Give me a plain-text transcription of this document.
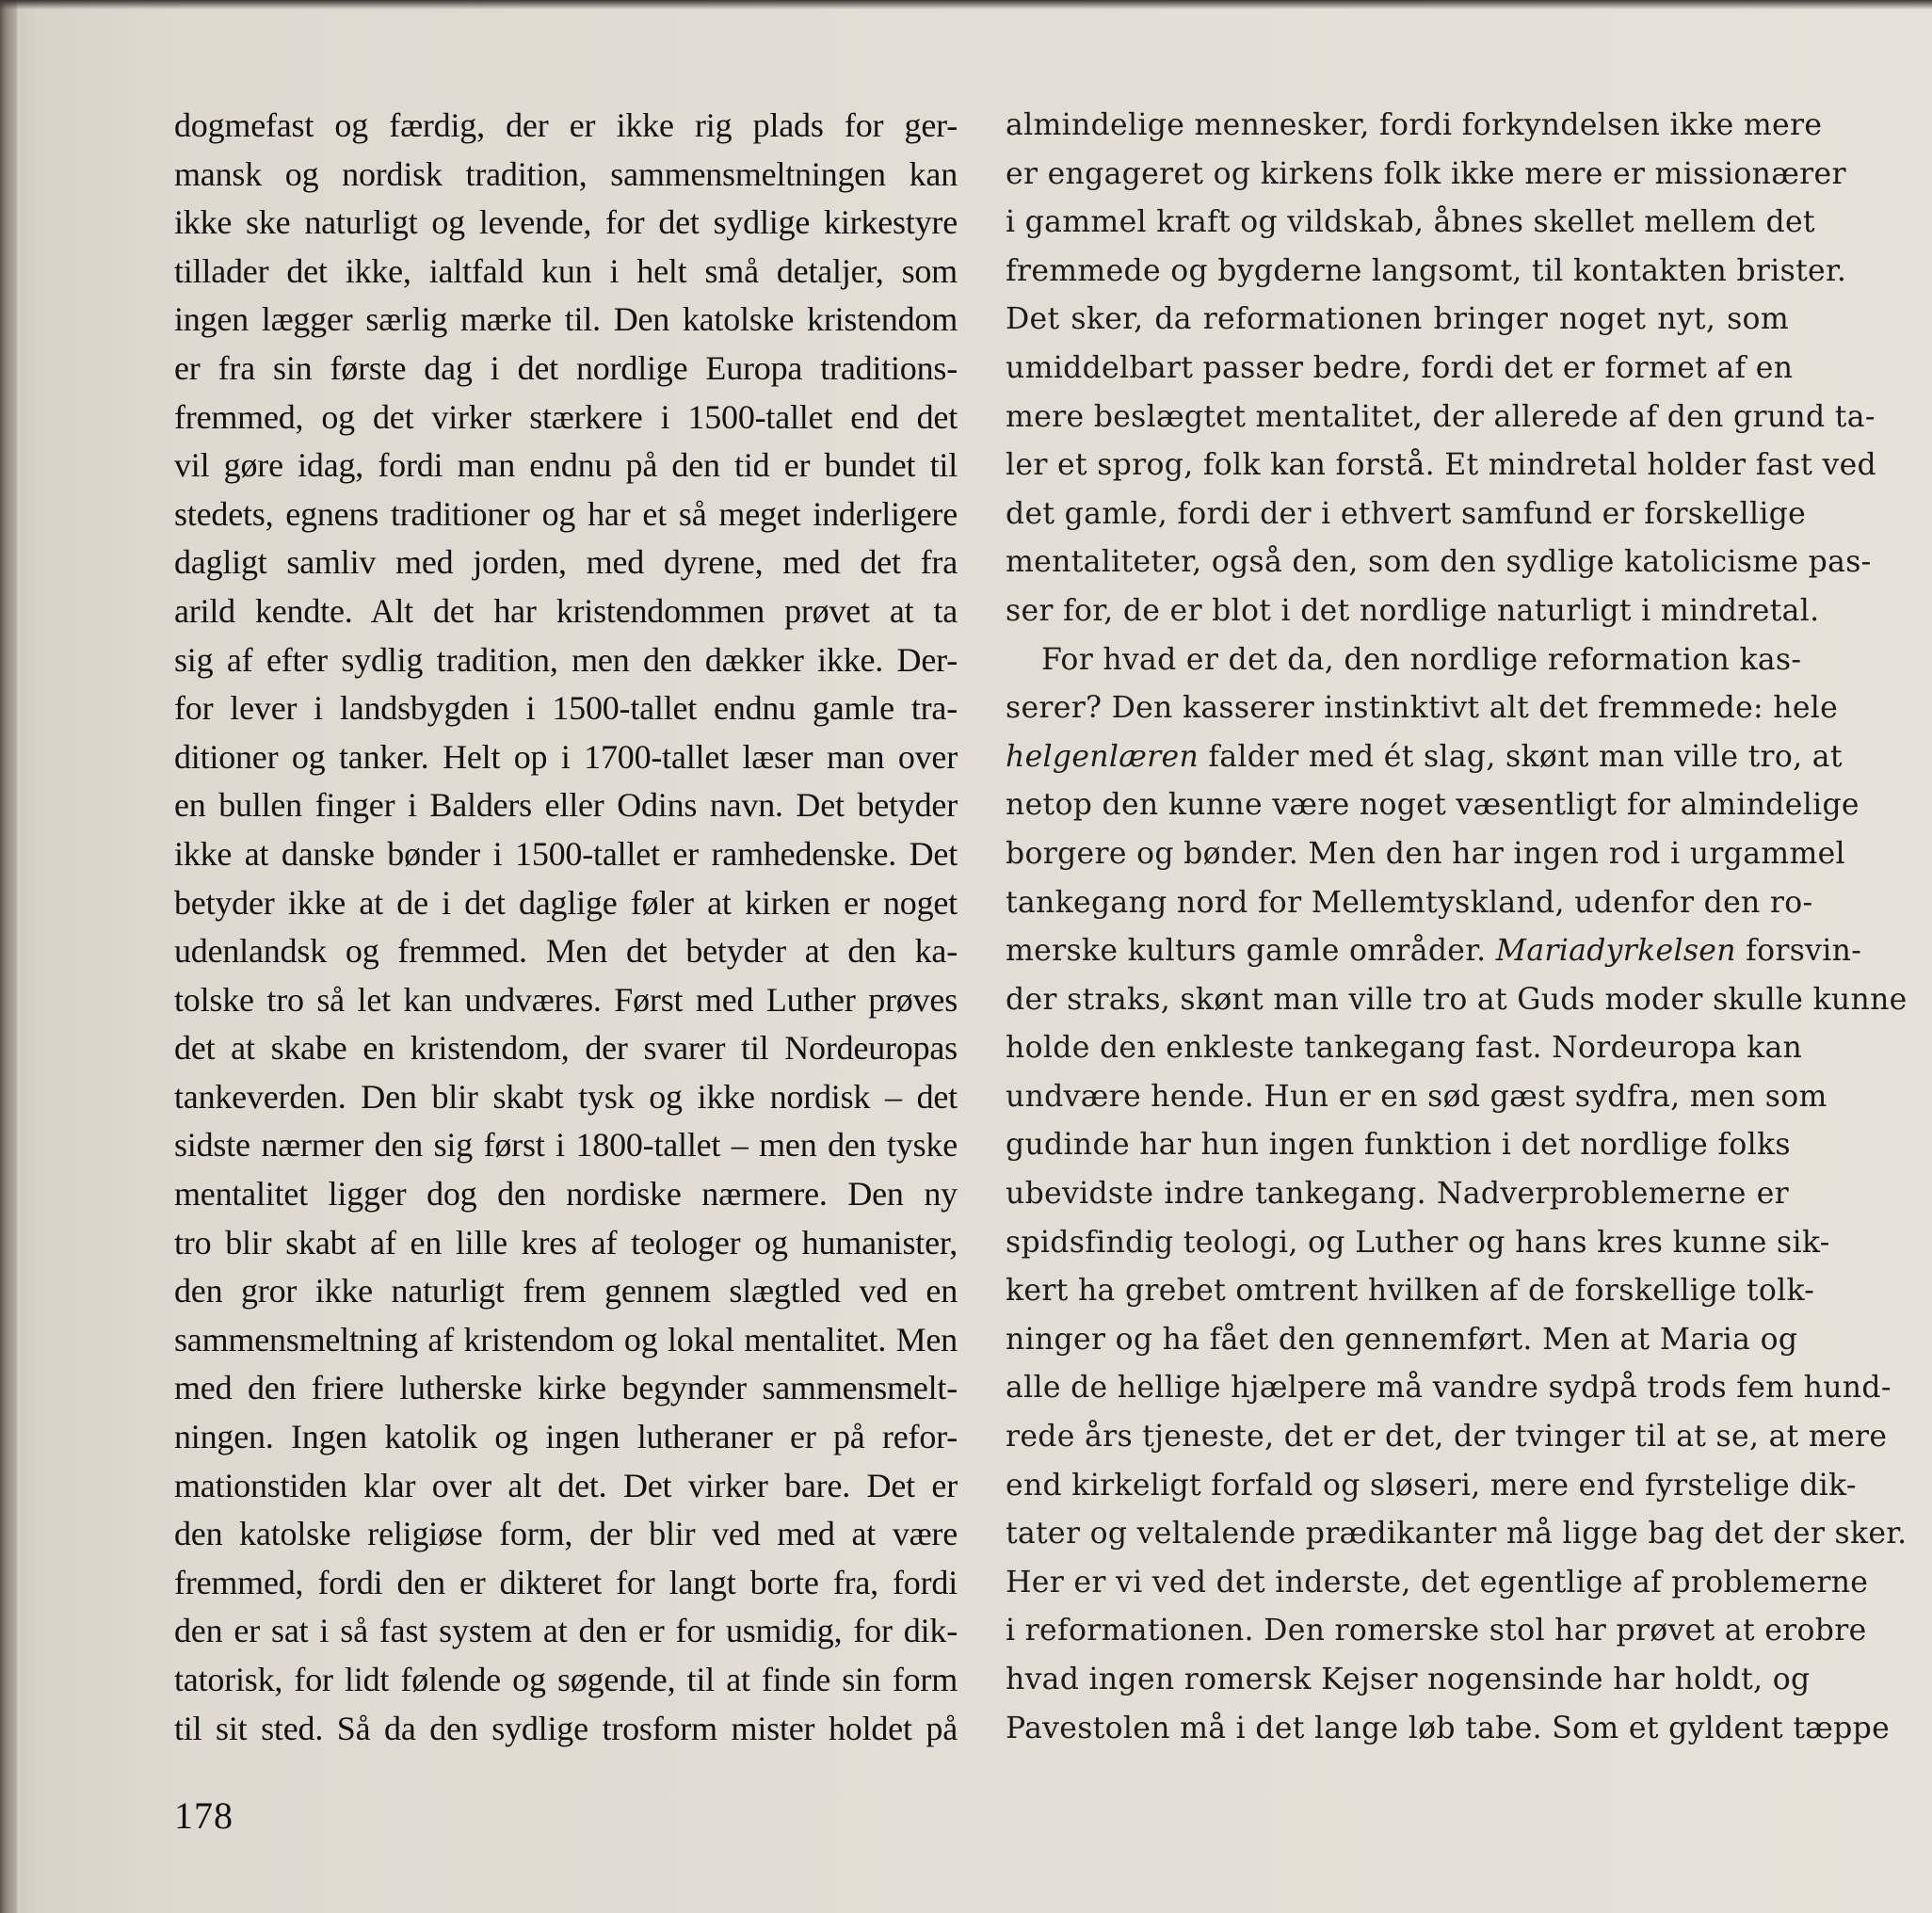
dogmefast og færdig, der er ikke rig plads for ger-
mansk og nordisk tradition, sammensmeltningen kan
ikke ske naturligt og levende, for det sydlige kirkestyre
tillader det ikke, ialtfald kun i helt små detaljer, som
ingen lægger særlig mærke til. Den katolske kristendom
er fra sin første dag i det nordlige Europa traditions-
fremmed, og det virker stærkere i 1500-tallet end det
vil gøre idag, fordi man endnu på den tid er bundet til
stedets, egnens traditioner og har et så meget inderligere
dagligt samliv med jorden, med dyrene, med det fra
arild kendte. Alt det har kristendommen prøvet at ta
sig af efter sydlig tradition, men den dækker ikke. Der-
for lever i landsbygden i 1500-tallet endnu gamle tra-
ditioner og tanker. Helt op i 1700-tallet læser man over
en bullen finger i Balders eller Odins navn. Det betyder
ikke at danske bønder i 1500-tallet er ramhedenske. Det
betyder ikke at de i det daglige føler at kirken er noget
udenlandsk og fremmed. Men det betyder at den ka-
tolske tro så let kan undværes. Først med Luther prøves
det at skabe en kristendom, der svarer til Nordeuropas
tankeverden. Den blir skabt tysk og ikke nordisk – det
sidste nærmer den sig først i 1800-tallet – men den tyske
mentalitet ligger dog den nordiske nærmere. Den ny
tro blir skabt af en lille kres af teologer og humanister,
den gror ikke naturligt frem gennem slægtled ved en
sammensmeltning af kristendom og lokal mentalitet. Men
med den friere lutherske kirke begynder sammensmelt-
ningen. Ingen katolik og ingen lutheraner er på refor-
mationstiden klar over alt det. Det virker bare. Det er
den katolske religiøse form, der blir ved med at være
fremmed, fordi den er dikteret for langt borte fra, fordi
den er sat i så fast system at den er for usmidig, for dik-
tatorisk, for lidt følende og søgende, til at finde sin form
til sit sted. Så da den sydlige trosform mister holdet på
almindelige mennesker, fordi forkyndelsen ikke mere
er engageret og kirkens folk ikke mere er missionærer
i gammel kraft og vildskab, åbnes skellet mellem det
fremmede og bygderne langsomt, til kontakten brister.
Det sker, da reformationen bringer noget nyt, som
umiddelbart passer bedre, fordi det er formet af en
mere beslægtet mentalitet, der allerede af den grund ta-
ler et sprog, folk kan forstå. Et mindretal holder fast ved
det gamle, fordi der i ethvert samfund er forskellige
mentaliteter, også den, som den sydlige katolicisme pas-
ser for, de er blot i det nordlige naturligt i mindretal.
For hvad er det da, den nordlige reformation kas-
serer? Den kasserer instinktivt alt det fremmede: hele
helgenlæren falder med ét slag, skønt man ville tro, at
netop den kunne være noget væsentligt for almindelige
borgere og bønder. Men den har ingen rod i urgammel
tankegang nord for Mellemtyskland, udenfor den ro-
merske kulturs gamle områder. Mariadyrkelsen forsvin-
der straks, skønt man ville tro at Guds moder skulle kunne
holde den enkleste tankegang fast. Nordeuropa kan
undvære hende. Hun er en sød gæst sydfra, men som
gudinde har hun ingen funktion i det nordlige folks
ubevidste indre tankegang. Nadverproblemerne er
spidsfindig teologi, og Luther og hans kres kunne sik-
kert ha grebet omtrent hvilken af de forskellige tolk-
ninger og ha fået den gennemført. Men at Maria og
alle de hellige hjælpere må vandre sydpå trods fem hund-
rede års tjeneste, det er det, der tvinger til at se, at mere
end kirkeligt forfald og sløseri, mere end fyrstelige dik-
tater og veltalende prædikanter må ligge bag det der sker.
Her er vi ved det inderste, det egentlige af problemerne
i reformationen. Den romerske stol har prøvet at erobre
hvad ingen romersk Kejser nogensinde har holdt, og
Pavestolen må i det lange løb tabe. Som et gyldent tæppe
178
